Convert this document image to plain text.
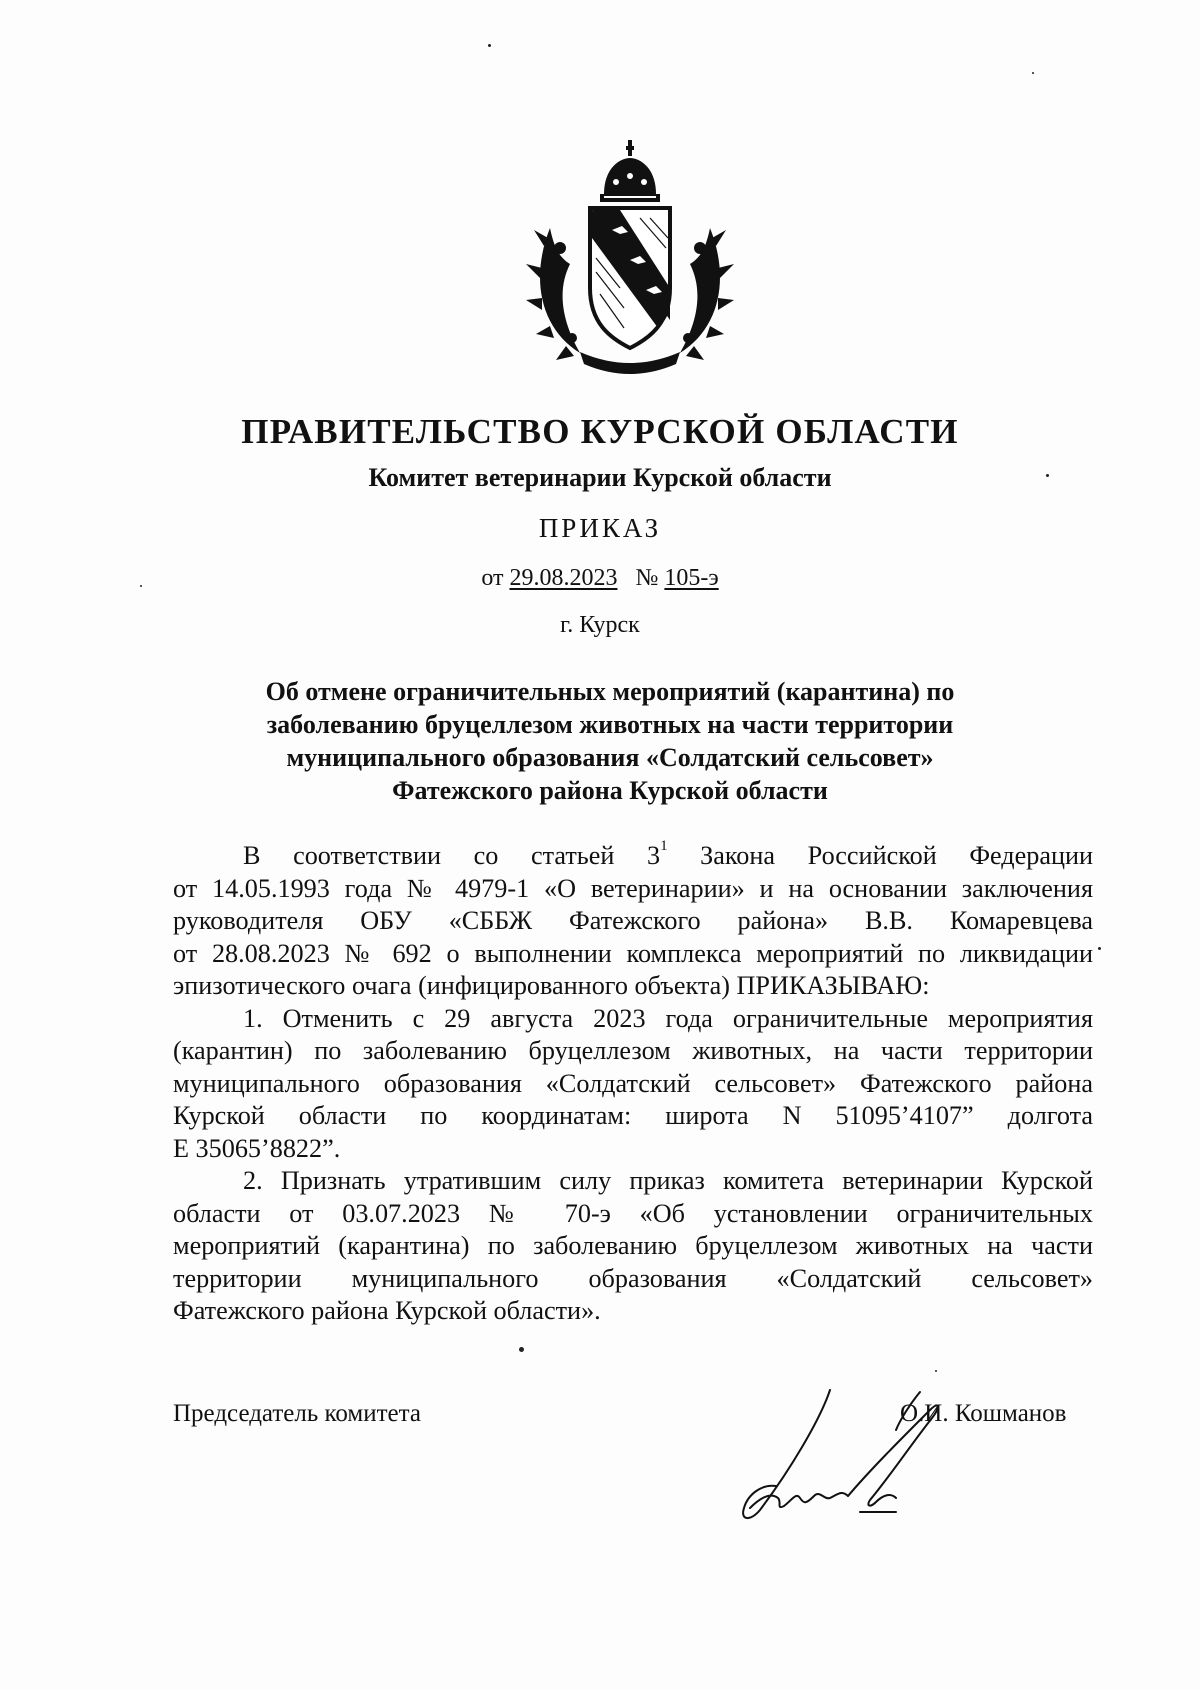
ПРАВИТЕЛЬСТВО КУРСКОЙ ОБЛАСТИ
Комитет ветеринарии Курской области
ПРИКАЗ
от 29.08.2023 № 105-э
г. Курск
Об отмене ограничительных мероприятий (карантина) по
заболеванию бруцеллезом животных на части территории
муниципального образования «Солдатский сельсовет»
Фатежского района Курской области
В соответствии со статьей $3^1$ Закона Российской Федерации
от 14.05.1993 года № 4979-1 «О ветеринарии» и на основании заключения
руководителя ОБУ «СББЖ Фатежского района» В.В. Комаревцева
от 28.08.2023 № 692 о выполнении комплекса мероприятий по ликвидации
эпизотического очага (инфицированного объекта) ПРИКАЗЫВАЮ:
1. Отменить с 29 августа 2023 года ограничительные мероприятия
(карантин) по заболеванию бруцеллезом животных, на части территории
муниципального образования «Солдатский сельсовет» Фатежского района
Курской области по координатам: широта N 51095’4107” долгота
E 35065’8822”.
2. Признать утратившим силу приказ комитета ветеринарии Курской
области от 03.07.2023 № 70-э «Об установлении ограничительных
мероприятий (карантина) по заболеванию бруцеллезом животных на части
территории муниципального образования «Солдатский сельсовет»
Фатежского района Курской области».
Председатель комитета	О.И. Кошманов
